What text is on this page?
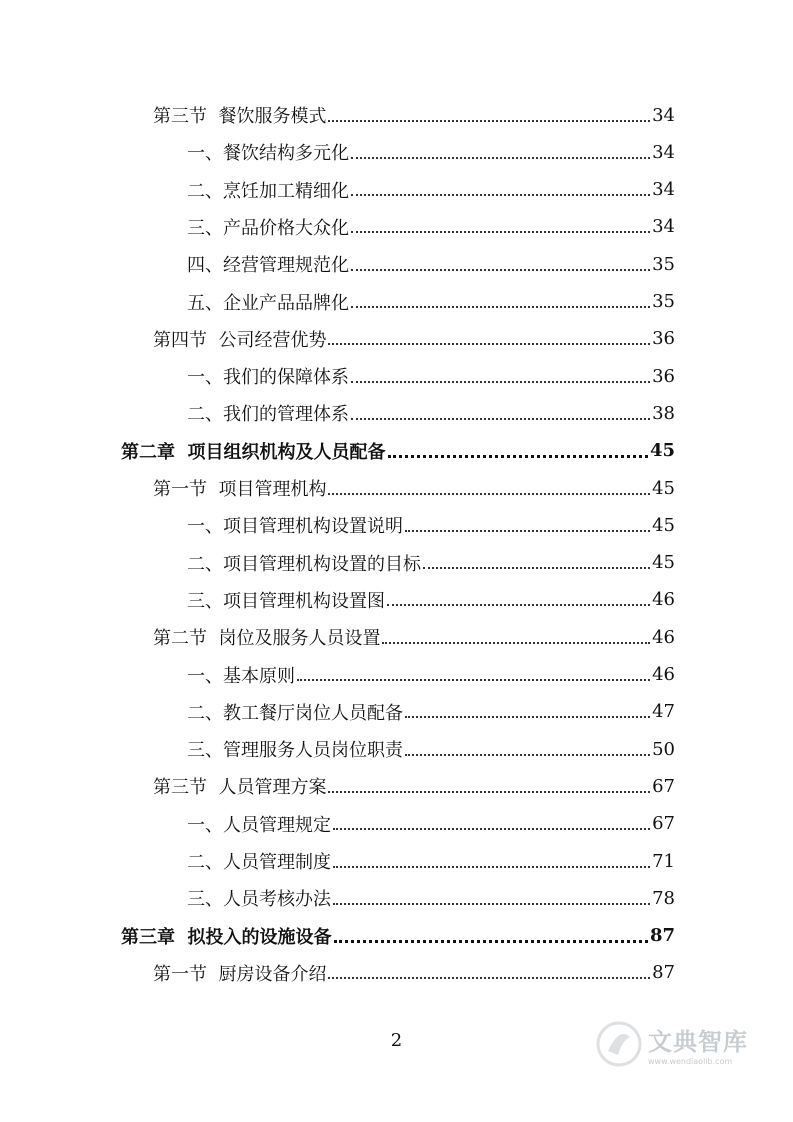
第三节  餐饮服务模式	34
一、餐饮结构多元化	34
二、烹饪加工精细化	34
三、产品价格大众化	34
四、经营管理规范化	35
五、企业产品品牌化	35
第四节  公司经营优势	36
一、我们的保障体系	36
二、我们的管理体系	38
第二章  项目组织机构及人员配备	45
第一节  项目管理机构	45
一、项目管理机构设置说明	45
二、项目管理机构设置的目标	45
三、项目管理机构设置图	46
第二节  岗位及服务人员设置	46
一、基本原则	46
二、教工餐厅岗位人员配备	47
三、管理服务人员岗位职责	50
第三节  人员管理方案	67
一、人员管理规定	67
二、人员管理制度	71
三、人员考核办法	78
第三章  拟投入的设施设备	87
第一节  厨房设备介绍	87
2	文典智库
www.wendiaolib.com
